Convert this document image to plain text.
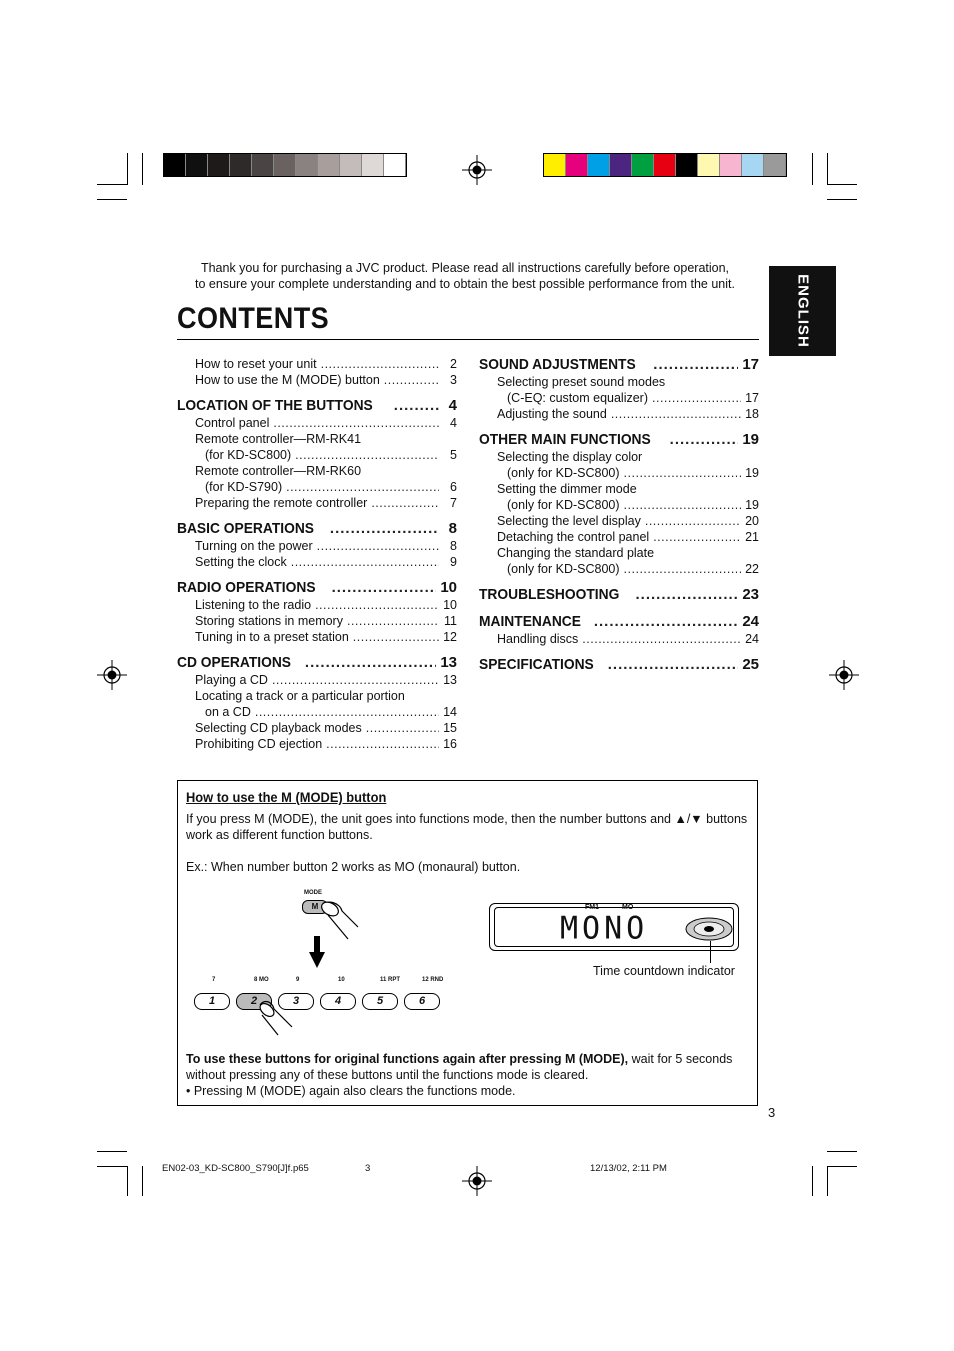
ENGLISH
Thank you for purchasing a JVC product. Please read all instructions carefully before operation,
to ensure your complete understanding and to obtain the best possible performance from the unit.
CONTENTS
How to reset your unit .....	2
How to use the M (MODE) button .....	3
LOCATION OF THE BUTTONS .....	4
Control panel .....	4
Remote controller—RM-RK41
(for KD-SC800) .....	5
Remote controller—RM-RK60
(for KD-S790) .....	6
Preparing the remote controller .....	7
BASIC OPERATIONS .....	8
Turning on the power .....	8
Setting the clock .....	9
RADIO OPERATIONS .....	10
Listening to the radio .....	10
Storing stations in memory .....	11
Tuning in to a preset station .....	12
CD OPERATIONS .....	13
Playing a CD .....	13
Locating a track or a particular portion
on a CD .....	14
Selecting CD playback modes .....	15
Prohibiting CD ejection .....	16
SOUND ADJUSTMENTS .....	17
Selecting preset sound modes
(C-EQ: custom equalizer) .....	17
Adjusting the sound .....	18
OTHER MAIN FUNCTIONS .....	19
Selecting the display color
(only for KD-SC800) .....	19
Setting the dimmer mode
(only for KD-SC800) .....	19
Selecting the level display .....	20
Detaching the control panel .....	21
Changing the standard plate
(only for KD-SC800) .....	22
TROUBLESHOOTING .....	23
MAINTENANCE .....	24
Handling discs .....	24
SPECIFICATIONS .....	25
How to use the M (MODE) button
If you press M (MODE), the unit goes into functions mode, then the number buttons and ▲/▼ buttons work as different function buttons.
Ex.: When number button 2 works as MO (monaural) button.
MODE
M	FM1	MO
MONO
Time countdown indicator
7
1
8 MO
2
9
3
10
4
11 RPT
5
12 RND
6
To use these buttons for original functions again after pressing M (MODE), wait for 5 seconds without pressing any of these buttons until the functions mode is cleared.
• Pressing M (MODE) again also clears the functions mode.
3
EN02-03_KD-SC800_S790[J]f.p65	3	12/13/02, 2:11 PM
